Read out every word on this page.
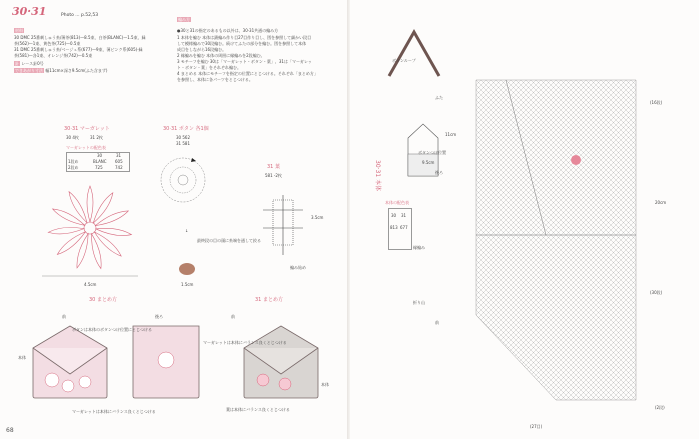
30·31	Photo ... p.52,53
材料
30 DMC 25番刺しゅう糸/薄茶(813)—8.5束、白茶(BLANC)—1.5束、緑
茶(562)—1束、黄色茶(725)—0.5束
31 DMC 25番刺しゅう糸/ベージュ系(677)—9束、薄ピンク系(605)-緑
茶(581)—各1束、オレンジ茶(742)—0.5束
針 レース針0号
できあがり寸法 幅11cm×深さ9.5cm(ふた含まず)
編み方
●30と31の指定のあるもの以外は、30·31共通の編み方
1 本体を編む 本体は鎖編み作り目27目作り目し、図を参照して細かい段目
して模様編みで30段編む。続けてふたの部分を編む。図を参照して本体
成目をしながら16段編む。
2 縁編みを編む 本体の周囲に縁編みを2段編む。
3 モチーフを編む 30は「マーガレット・ボタン・葉」、31は「マーガレッ
ト・ボタン・葉」をそれぞれ編む。
4 まとめる 本体にモチーフを指定の位置にとじつける。それぞれ「まとめ方」
を参照し、本体に各パーツをとじつける。
30·31 マーガレット
30 4枚	31 2枚
マーガレットの配色表
30	31
1段め	BLANC 605
2段め	725	742
4.5cm
30·31 ボタン 各1個
30 562
31 581
↓
最終段の目の頭に糸端を通して絞る
1.5cm
31 葉
581 -2枚
3.5cm
編み始め
30 まとめ方	31 まとめ方
前	後ろ	前
本体
ボタンは本体のボタンつけ位置にとじつける
マーガレットは本体にバランス良くとじつける
マーガレットは本体にバランス良くとじつける
葉は本体にバランス良くとじつける
本体
68
30·31 本体
本体の配色表
30 31
813 677
ふた
後ろ
前
(16段)
(30段)
ボタンつけ位置
ボタンループ
縁編み
折り山
11cm
9.5cm
20cm
(27目)
(2段)
